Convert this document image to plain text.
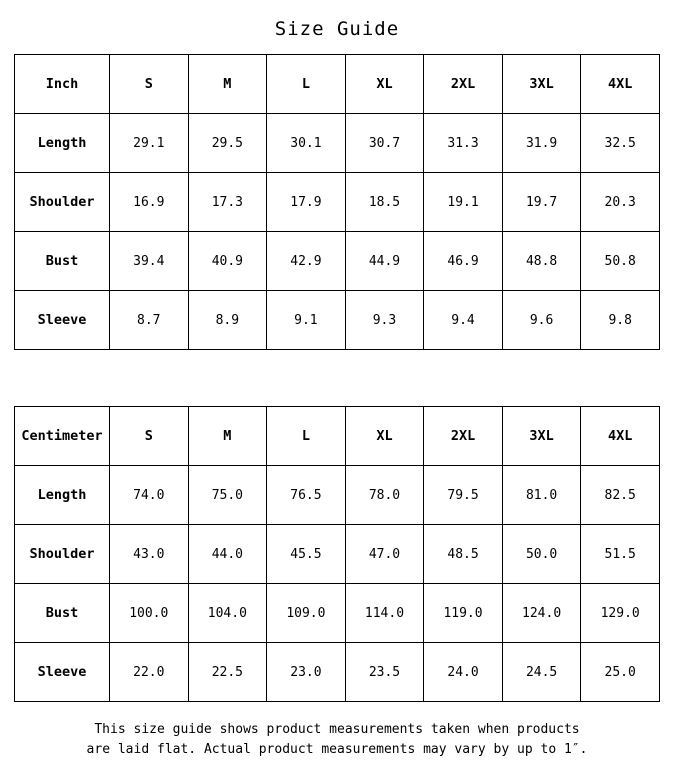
Size Guide
Inch	S	M	L	XL	2XL	3XL	4XL
Length	29.1	29.5	30.1	30.7	31.3	31.9	32.5
Shoulder	16.9	17.3	17.9	18.5	19.1	19.7	20.3
Bust	39.4	40.9	42.9	44.9	46.9	48.8	50.8
Sleeve	8.7	8.9	9.1	9.3	9.4	9.6	9.8
Centimeter	S	M	L	XL	2XL	3XL	4XL
Length	74.0	75.0	76.5	78.0	79.5	81.0	82.5
Shoulder	43.0	44.0	45.5	47.0	48.5	50.0	51.5
Bust	100.0	104.0	109.0	114.0	119.0	124.0	129.0
Sleeve	22.0	22.5	23.0	23.5	24.0	24.5	25.0
This size guide shows product measurements taken when products
are laid flat. Actual product measurements may vary by up to 1″.
